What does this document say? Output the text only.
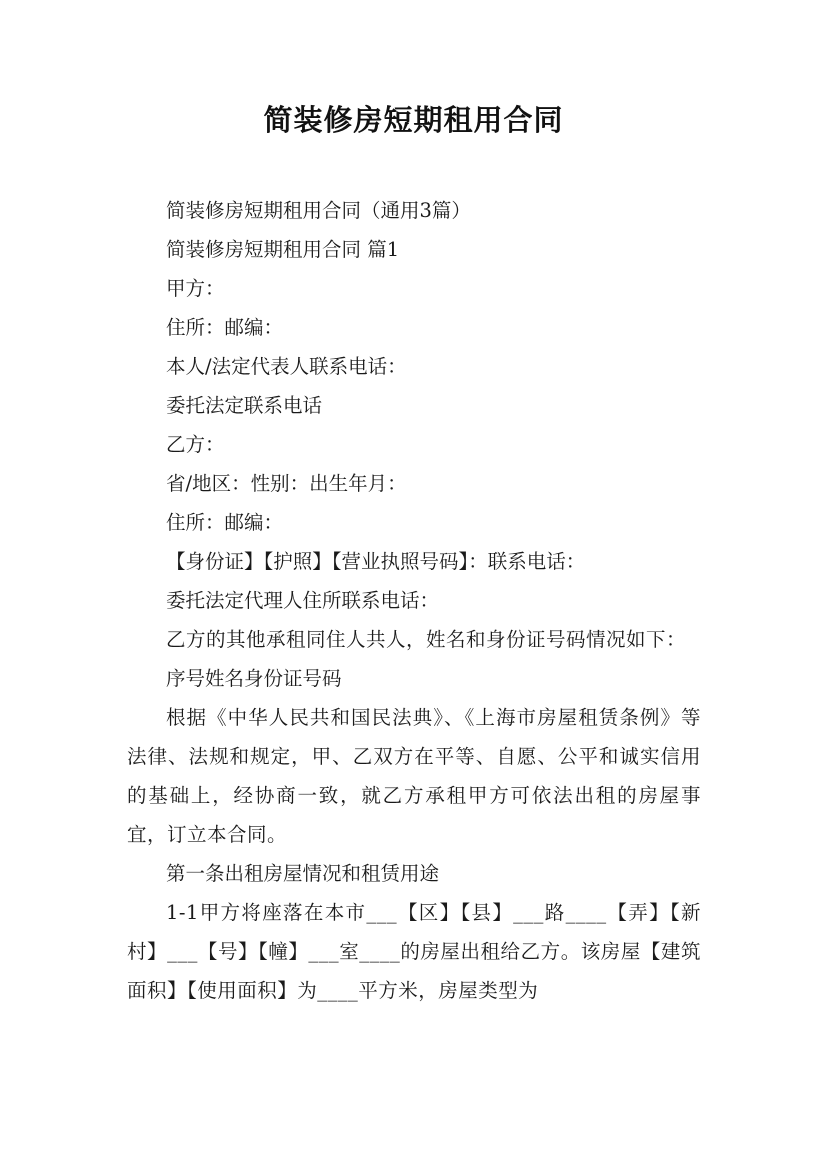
简装修房短期租用合同

简装修房短期租用合同（通用3篇）

简装修房短期租用合同 篇1

甲方：

住所：邮编：

本人/法定代表人联系电话：

委托法定联系电话

乙方：

省/地区：性别：出生年月：

住所：邮编：

【身份证】【护照】【营业执照号码】：联系电话：

委托法定代理人住所联系电话：

乙方的其他承租同住人共人，姓名和身份证号码情况如下：

序号姓名身份证号码

根据《中华人民共和国民法典》、《上海市房屋租赁条例》等法律、法规和规定，甲、乙双方在平等、自愿、公平和诚实信用的基础上，经协商一致，就乙方承租甲方可依法出租的房屋事宜，订立本合同。

第一条出租房屋情况和租赁用途

1-1甲方将座落在本市___【区】【县】___路____【弄】【新村】___【号】【幢】___室____的房屋出租给乙方。该房屋【建筑面积】【使用面积】为____平方米，房屋类型为
